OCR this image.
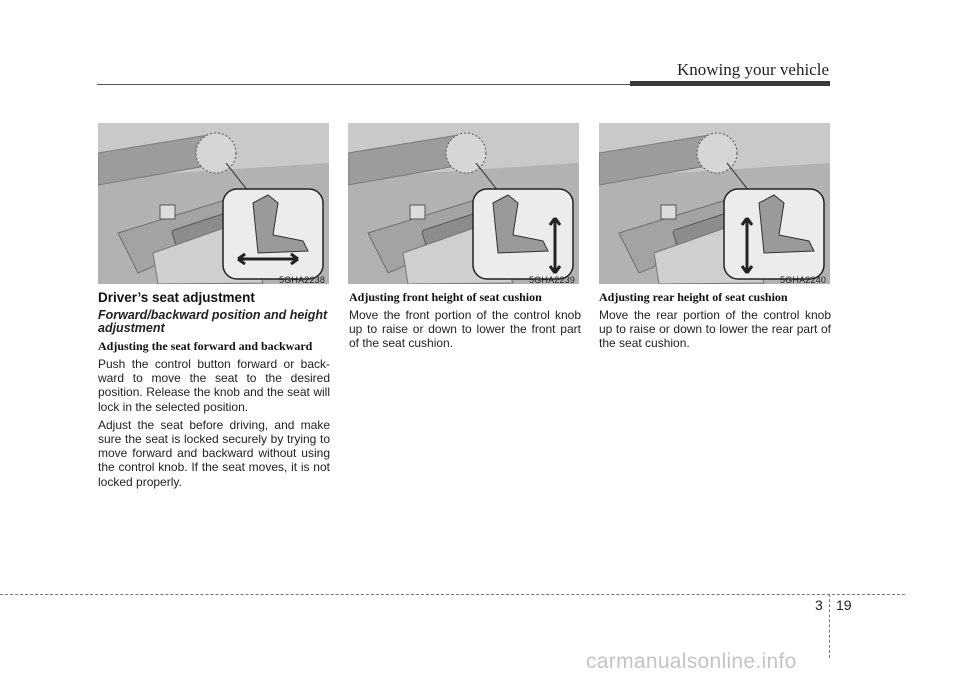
Knowing your vehicle
5GHA2238	5GHA2239	5GHA2240
Driver’s seat adjustment
Forward/backward position and height adjustment
Adjusting the seat forward and backward

Push the control button forward or back- ward to move the seat to the desired position. Release the knob and the seat will lock in the selected position.

Adjust the seat before driving, and make sure the seat is locked securely by trying to move forward and backward without using the control knob. If the seat moves, it is not locked properly.

Adjusting front height of seat cushion

Move the front portion of the control knob up to raise or down to lower the front part of the seat cushion.

Adjusting rear height of seat cushion

Move the rear portion of the control knob up to raise or down to lower the rear part of the seat cushion.

3 19
carmanualsonline.info
